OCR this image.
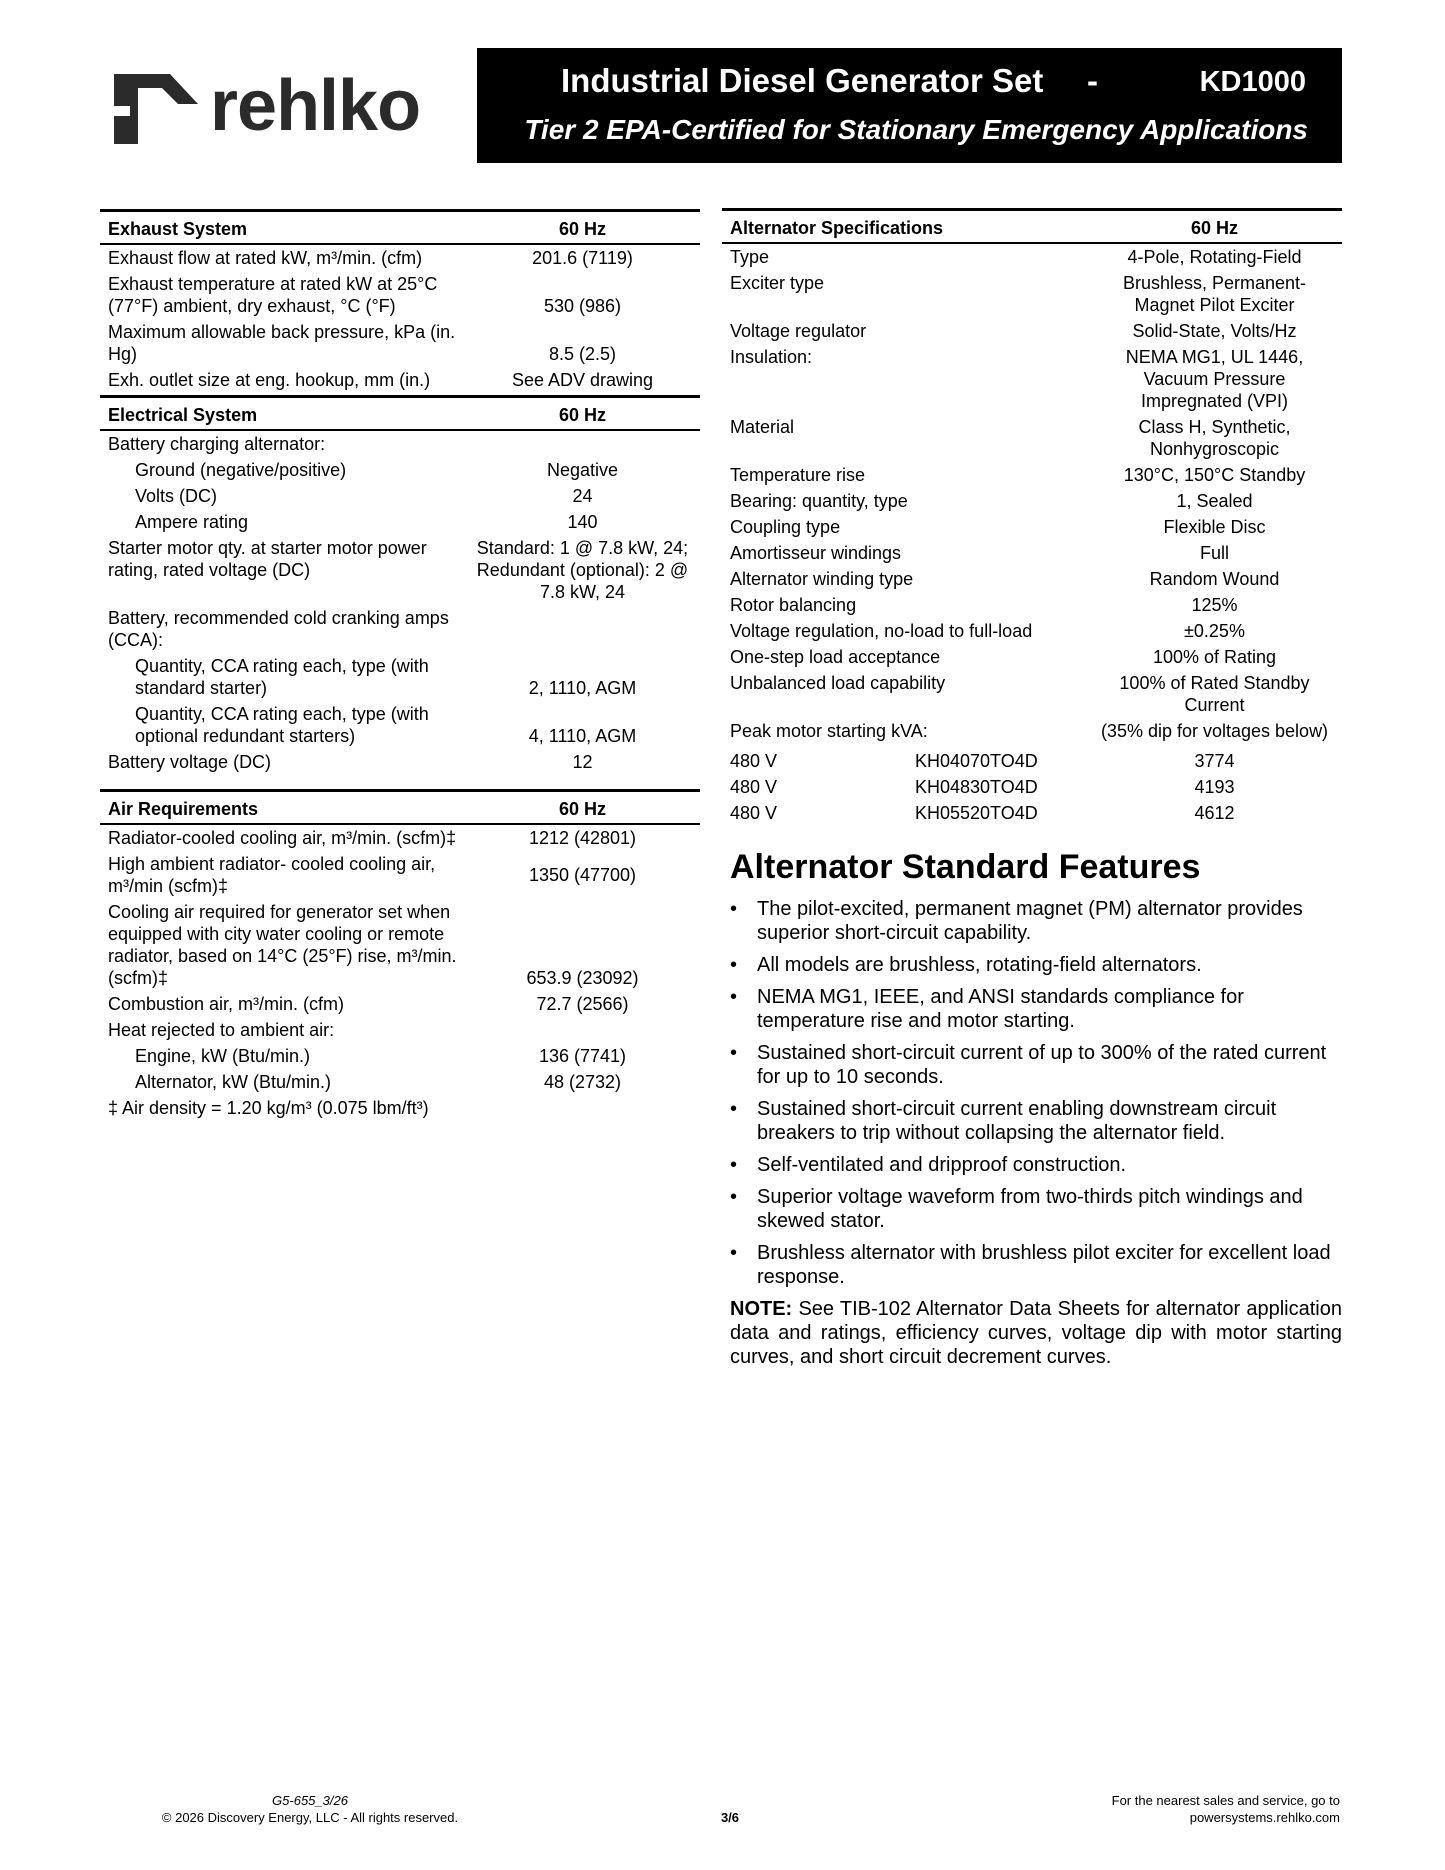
rehlko	Industrial Diesel Generator Set -	KD1000
Tier 2 EPA-Certified for Stationary Emergency Applications
Exhaust System	60 Hz
Exhaust flow at rated kW, m³/min. (cfm)	201.6 (7119)
Exhaust temperature at rated kW at 25°C (77°F) ambient, dry exhaust, °C (°F)	530 (986)
Maximum allowable back pressure, kPa (in. Hg)	8.5 (2.5)
Exh. outlet size at eng. hookup, mm (in.)	See ADV drawing
Electrical System	60 Hz
Battery charging alternator:	
Ground (negative/positive)	Negative
Volts (DC)	24
Ampere rating	140
Starter motor qty. at starter motor power rating, rated voltage (DC)	Standard: 1 @ 7.8 kW, 24; Redundant (optional): 2 @ 7.8 kW, 24
Battery, recommended cold cranking amps (CCA):	
Quantity, CCA rating each, type (with standard starter)	2, 1110, AGM
Quantity, CCA rating each, type (with optional redundant starters)	4, 1110, AGM
Battery voltage (DC)	12
Air Requirements	60 Hz
Radiator-cooled cooling air, m³/min. (scfm)‡	1212 (42801)
High ambient radiator- cooled cooling air, m³/min (scfm)‡	1350 (47700)
Cooling air required for generator set when equipped with city water cooling or remote radiator, based on 14°C (25°F) rise, m³/min. (scfm)‡	653.9 (23092)
Combustion air, m³/min. (cfm)	72.7 (2566)
Heat rejected to ambient air:	
Engine, kW (Btu/min.)	136 (7741)
Alternator, kW (Btu/min.)	48 (2732)
‡ Air density = 1.20 kg/m³ (0.075 lbm/ft³)	
Alternator Specifications	60 Hz
Type	4-Pole, Rotating-Field
Exciter type	Brushless, Permanent-Magnet Pilot Exciter
Voltage regulator	Solid-State, Volts/Hz
Insulation:	NEMA MG1, UL 1446, Vacuum Pressure Impregnated (VPI)
Material	Class H, Synthetic, Nonhygroscopic
Temperature rise	130°C, 150°C Standby
Bearing: quantity, type	1, Sealed
Coupling type	Flexible Disc
Amortisseur windings	Full
Alternator winding type	Random Wound
Rotor balancing	125%
Voltage regulation, no-load to full-load	±0.25%
One-step load acceptance	100% of Rating
Unbalanced load capability	100% of Rated Standby Current
Peak motor starting kVA:	(35% dip for voltages below)
480 V	KH04070TO4D	3774
480 V	KH04830TO4D	4193
480 V	KH05520TO4D	4612
Alternator Standard Features
• The pilot-excited, permanent magnet (PM) alternator provides superior short-circuit capability.
• All models are brushless, rotating-field alternators.
• NEMA MG1, IEEE, and ANSI standards compliance for temperature rise and motor starting.
• Sustained short-circuit current of up to 300% of the rated current for up to 10 seconds.
• Sustained short-circuit current enabling downstream circuit breakers to trip without collapsing the alternator field.
• Self-ventilated and dripproof construction.
• Superior voltage waveform from two-thirds pitch windings and skewed stator.
• Brushless alternator with brushless pilot exciter for excellent load response.

NOTE: See TIB-102 Alternator Data Sheets for alternator application data and ratings, efficiency curves, voltage dip with motor starting curves, and short circuit decrement curves.

G5-655_3/26
© 2026 Discovery Energy, LLC - All rights reserved.	3/6
For the nearest sales and service, go to
powersystems.rehlko.com
